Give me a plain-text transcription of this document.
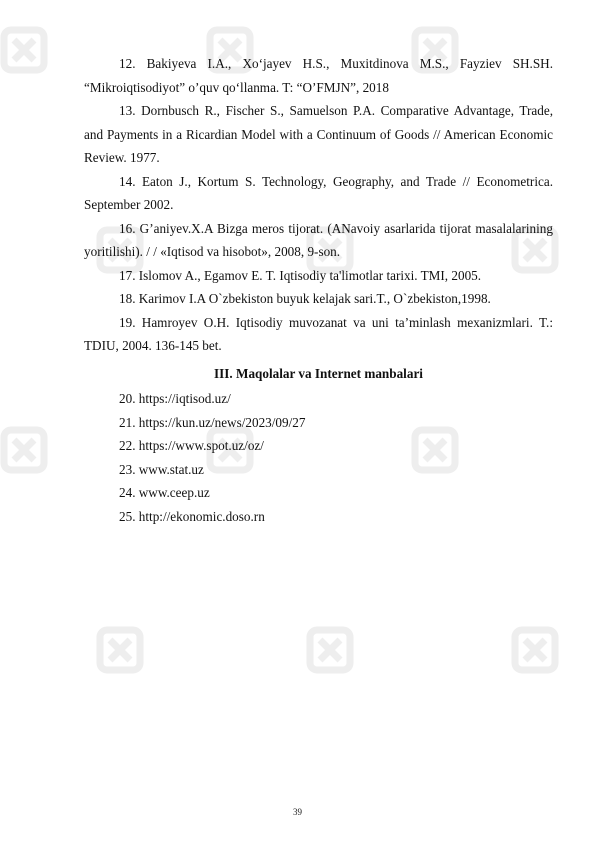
12. Bakiyeva I.A., Xo‘jayev H.S., Muxitdinova M.S., Fayziev SH.SH. “Mikroiqtisodiyot” o’quv qo‘llanma. T: “O’FMJN”, 2018

13. Dornbusch R., Fischer S., Samuelson P.A. Comparative Advantage, Trade, and Payments in a Ricardian Model with a Continuum of Goods // American Economic Review. 1977.

14. Eaton J., Kortum S. Technology, Geography, and Trade // Econometrica. September 2002.

16. G’aniyev.X.A Bizga meros tijorat. (ANavoiy asarlarida tijorat masalalarining yoritilishi). / / «Iqtisod va hisobot», 2008, 9-son.

17. Islomov A., Egamov E. T. Iqtisodiy ta'limotlar tarixi. TMI, 2005.

18. Karimov I.A O`zbekiston buyuk kelajak sari.T., O`zbekiston,1998.

19. Hamroyev O.H. Iqtisodiy muvozanat va uni ta’minlash mexanizmlari. T.: TDIU, 2004. 136-145 bet.

III. Maqolalar va Internet manbalari

20. https://iqtisod.uz/

21. https://kun.uz/news/2023/09/27

22. https://www.spot.uz/oz/

23. www.stat.uz

24. www.ceep.uz

25. http://ekonomic.doso.rn

39
